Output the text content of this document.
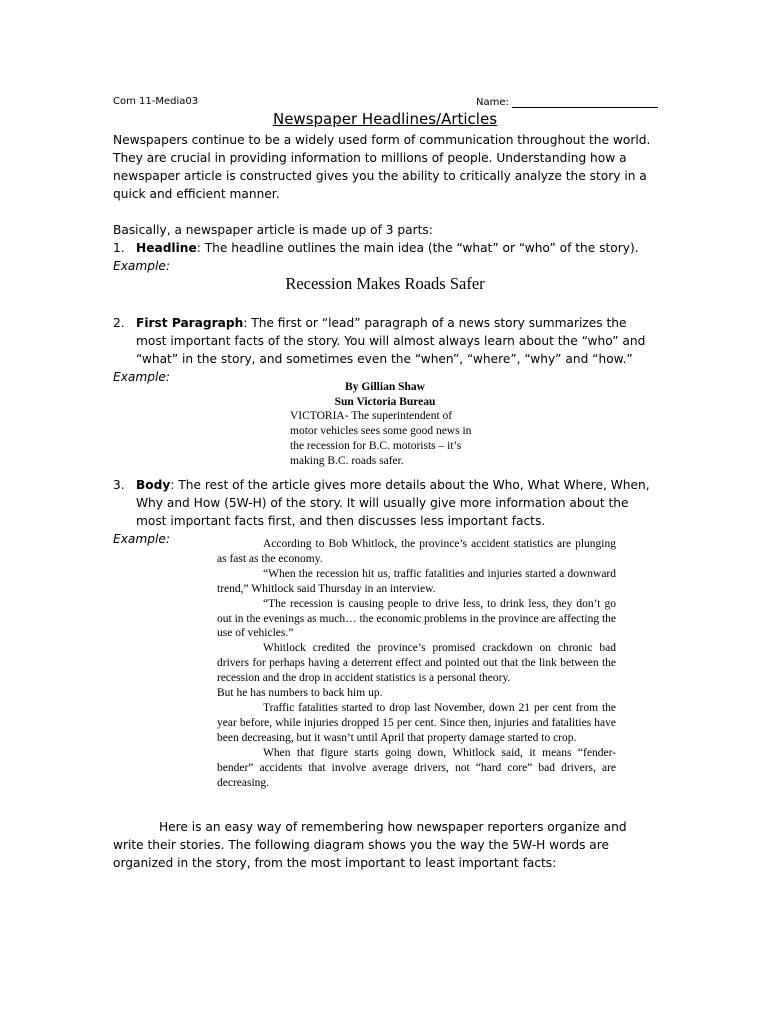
Com 11-Media03	Name:
Newspaper Headlines/Articles
Newspapers continue to be a widely used form of communication throughout the world. They are crucial in providing information to millions of people. Understanding how a newspaper article is constructed gives you the ability to critically analyze the story in a quick and efficient manner.
Basically, a newspaper article is made up of 3 parts:
1. Headline: The headline outlines the main idea (the “what” or “who” of the story).
Example:
Recession Makes Roads Safer
2. First Paragraph: The first or “lead” paragraph of a news story summarizes the most important facts of the story. You will almost always learn about the “who” and “what” in the story, and sometimes even the “when”, “where”, “why” and “how.”
Example:
By Gillian Shaw
Sun Victoria Bureau
VICTORIA- The superintendent of motor vehicles sees some good news in the recession for B.C. motorists – it’s making B.C. roads safer.
3. Body: The rest of the article gives more details about the Who, What Where, When, Why and How (5W-H) of the story. It will usually give more information about the most important facts first, and then discusses less important facts.
Example:	According to Bob Whitlock, the province’s accident statistics are plunging as fast as the economy.

“When the recession hit us, traffic fatalities and injuries started a downward trend,” Whitlock said Thursday in an interview.

“The recession is causing people to drive less, to drink less, they don’t go out in the evenings as much… the economic problems in the province are affecting the use of vehicles.”

Whitlock credited the province’s promised crackdown on chronic bad drivers for perhaps having a deterrent effect and pointed out that the link between the recession and the drop in accident statistics is a personal theory.

But he has numbers to back him up.

Traffic fatalities started to drop last November, down 21 per cent from the year before, while injuries dropped 15 per cent. Since then, injuries and fatalities have been decreasing, but it wasn’t until April that property damage started to crop.

When that figure starts going down, Whitlock said, it means “fender-bender” accidents that involve average drivers, not “hard core” bad drivers, are decreasing.

Here is an easy way of remembering how newspaper reporters organize and write their stories. The following diagram shows you the way the 5W-H words are organized in the story, from the most important to least important facts:
